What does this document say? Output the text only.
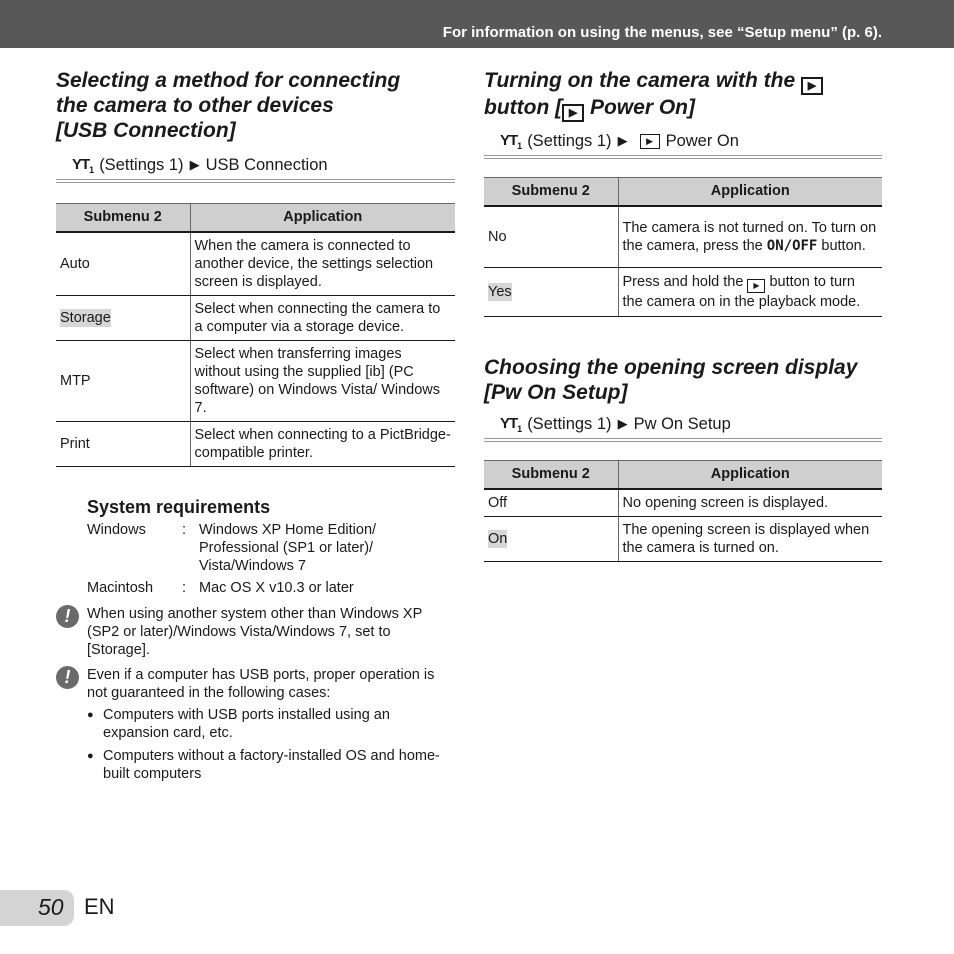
For information on using the menus, see “Setup menu” (p. 6).
Selecting a method for connecting
the camera to other devices
[USB Connection]
$YT_1$ (Settings 1) ▶ USB Connection
Submenu 2	Application
Auto	When the camera is connected to another device, the settings selection screen is displayed.
Storage	Select when connecting the camera to a computer via a storage device.
MTP	Select when transferring images without using the supplied [ib] (PC software) on Windows Vista/ Windows 7.
Print	Select when connecting to a PictBridge-compatible printer.
System requirements
Windows	: Windows XP Home Edition/ Professional (SP1 or later)/ Vista/Windows 7
Macintosh	: Mac OS X v10.3 or later
!	When using another system other than Windows XP (SP2 or later)/Windows Vista/Windows 7, set to [Storage].
!	Even if a computer has USB ports, proper operation is not guaranteed in the following cases:
● Computers with USB ports installed using an expansion card, etc.
● Computers without a factory-installed OS and home-built computers
Turning on the camera with the ▶
button [ ▶ Power On]
$YT_1$ (Settings 1) ▶	▶ Power On
Submenu 2	Application
No	The camera is not turned on. To turn on the camera, press the ON/OFF button.
Yes	Press and hold the ▶ button to turn the camera on in the playback mode.
Choosing the opening screen display
[Pw On Setup]
$YT_1$ (Settings 1) ▶ Pw On Setup
Submenu 2	Application
Off	No opening screen is displayed.
On	The opening screen is displayed when the camera is turned on.
50 EN
